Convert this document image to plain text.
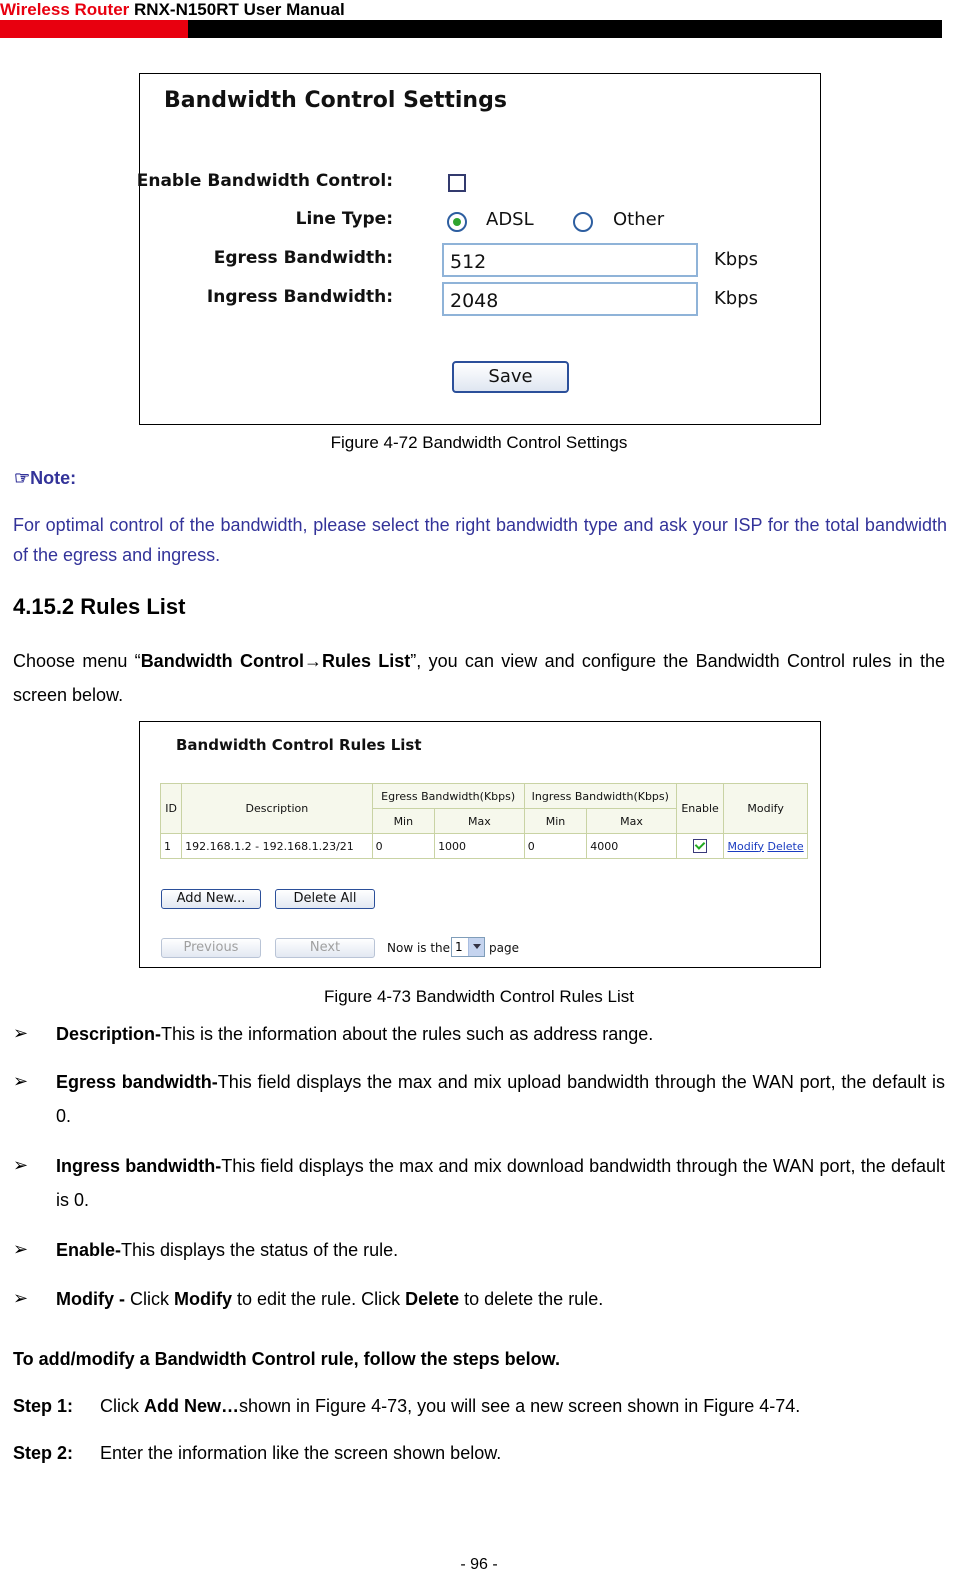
Wireless Router RNX-N150RT User Manual
Bandwidth Control Settings
Enable Bandwidth Control:
Line Type:	ADSL	Other
Egress Bandwidth:	512	Kbps
Ingress Bandwidth:	2048	Kbps
Save
Figure 4-72 Bandwidth Control Settings
☞Note:
For optimal control of the bandwidth, please select the right bandwidth type and ask your ISP for the total bandwidth of the egress and ingress.
4.15.2 Rules List
Choose menu “Bandwidth Control→Rules List”, you can view and configure the Bandwidth Control rules in the screen below.
Bandwidth Control Rules List
ID	Description	Egress Bandwidth(Kbps)		Ingress Bandwidth(Kbps)		Enable	Modify
		Min	Max	Min	Max		
1	192.168.1.2 - 192.168.1.23/21	0	1000	0	4000		Modify Delete
Add New...	Delete All
Previous	Next	Now is the 1 page
Figure 4-73 Bandwidth Control Rules List
➢ Description-This is the information about the rules such as address range.
➢ Egress bandwidth-This field displays the max and mix upload bandwidth through the WAN port, the default is 0.
➢ Ingress bandwidth-This field displays the max and mix download bandwidth through the WAN port, the default is 0.
➢ Enable-This displays the status of the rule.
➢ Modify - Click Modify to edit the rule. Click Delete to delete the rule.
To add/modify a Bandwidth Control rule, follow the steps below.
Step 1: Click Add New…shown in Figure 4-73, you will see a new screen shown in Figure 4-74.
Step 2: Enter the information like the screen shown below.
- 96 -
